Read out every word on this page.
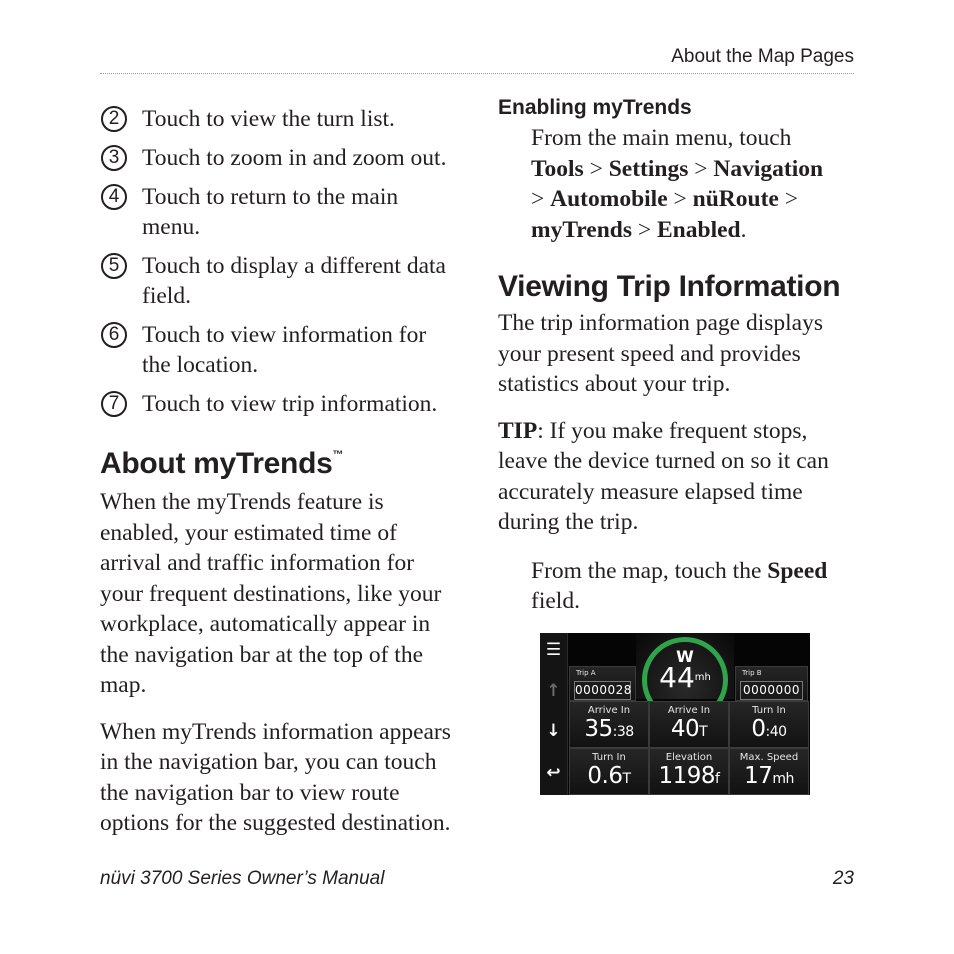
About the Map Pages
2 Touch to view the turn list.
3 Touch to zoom in and zoom out.
4 Touch to return to the main menu.
5 Touch to display a different data field.
6 Touch to view information for the location.
7 Touch to view trip information.
About myTrends™

When the myTrends feature is enabled, your estimated time of arrival and traffic information for your frequent destinations, like your workplace, automatically appear in the navigation bar at the top of the map.

When myTrends information appears in the navigation bar, you can touch the navigation bar to view route options for the suggested destination.

Enabling myTrends

From the main menu, touch
Tools > Settings > Navigation
> Automobile > nüRoute >
myTrends > Enabled.

Viewing Trip Information

The trip information page displays your present speed and provides statistics about your trip.

TIP: If you make frequent stops, leave the device turned on so it can accurately measure elapsed time during the trip.

From the map, touch the Speed
field.

☰
↑
↓
↩
Trip A
0000028
W
$44^{mh}$	Trip B
0000000
Arrive In
35:38
Arrive In
40T
Turn In
0:40
Turn In
0.6T
Elevation
1198f
Max. Speed
17mh
nüvi 3700 Series Owner’s Manual	23
